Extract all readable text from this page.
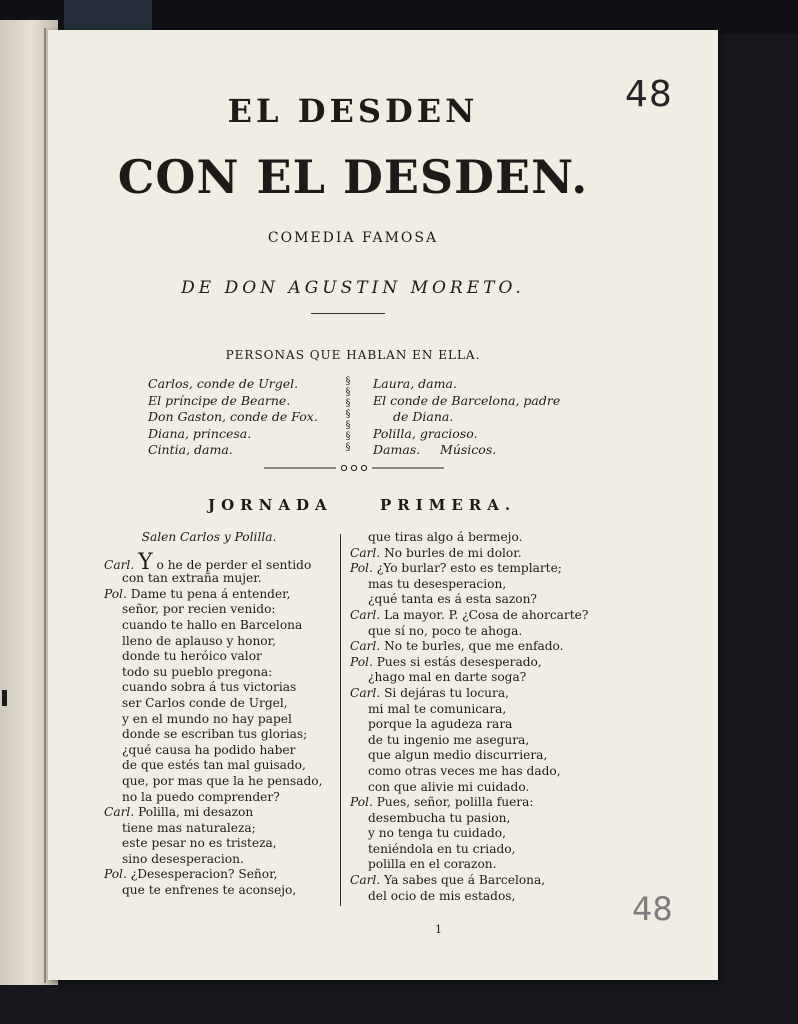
48
48
EL DESDEN
CON EL DESDEN.
COMEDIA FAMOSA
DE DON AGUSTIN MORETO.
PERSONAS QUE HABLAN EN ELLA.
Carlos, conde de Urgel.
El príncipe de Bearne.
Don Gaston, conde de Fox.
Diana, princesa.
Cintia, dama.
§
§
§
§
§
§
§
Laura, dama.
El conde de Barcelona, padre
de Diana.
Polilla, gracioso.
Damas.     Músicos.
JORNADA	PRIMERA.
Salen Carlos y Polilla.
Carl. Y o he de perder el sentido
con tan extraña mujer.
Pol. Dame tu pena á entender,
señor, por recien venido:
cuando te hallo en Barcelona
lleno de aplauso y honor,
donde tu heróico valor
todo su pueblo pregona:
cuando sobra á tus victorias
ser Carlos conde de Urgel,
y en el mundo no hay papel
donde se escriban tus glorias;
¿qué causa ha podido haber
de que estés tan mal guisado,
que, por mas que la he pensado,
no la puedo comprender?
Carl. Polilla, mi desazon
tiene mas naturaleza;
este pesar no es tristeza,
sino desesperacion.
Pol. ¿Desesperacion? Señor,
que te enfrenes te aconsejo,
que tiras algo á bermejo.
Carl. No burles de mi dolor.
Pol. ¿Yo burlar? esto es templarte;
mas tu desesperacion,
¿qué tanta es á esta sazon?
Carl. La mayor. P. ¿Cosa de ahorcarte?
que sí no, poco te ahoga.
Carl. No te burles, que me enfado.
Pol. Pues si estás desesperado,
¿hago mal en darte soga?
Carl. Si dejáras tu locura,
mi mal te comunicara,
porque la agudeza rara
de tu ingenio me asegura,
que algun medio discurriera,
como otras veces me has dado,
con que alivie mi cuidado.
Pol. Pues, señor, polilla fuera:
desembucha tu pasion,
y no tenga tu cuidado,
teniéndola en tu criado,
polilla en el corazon.
Carl. Ya sabes que á Barcelona,
del ocio de mis estados,
1
